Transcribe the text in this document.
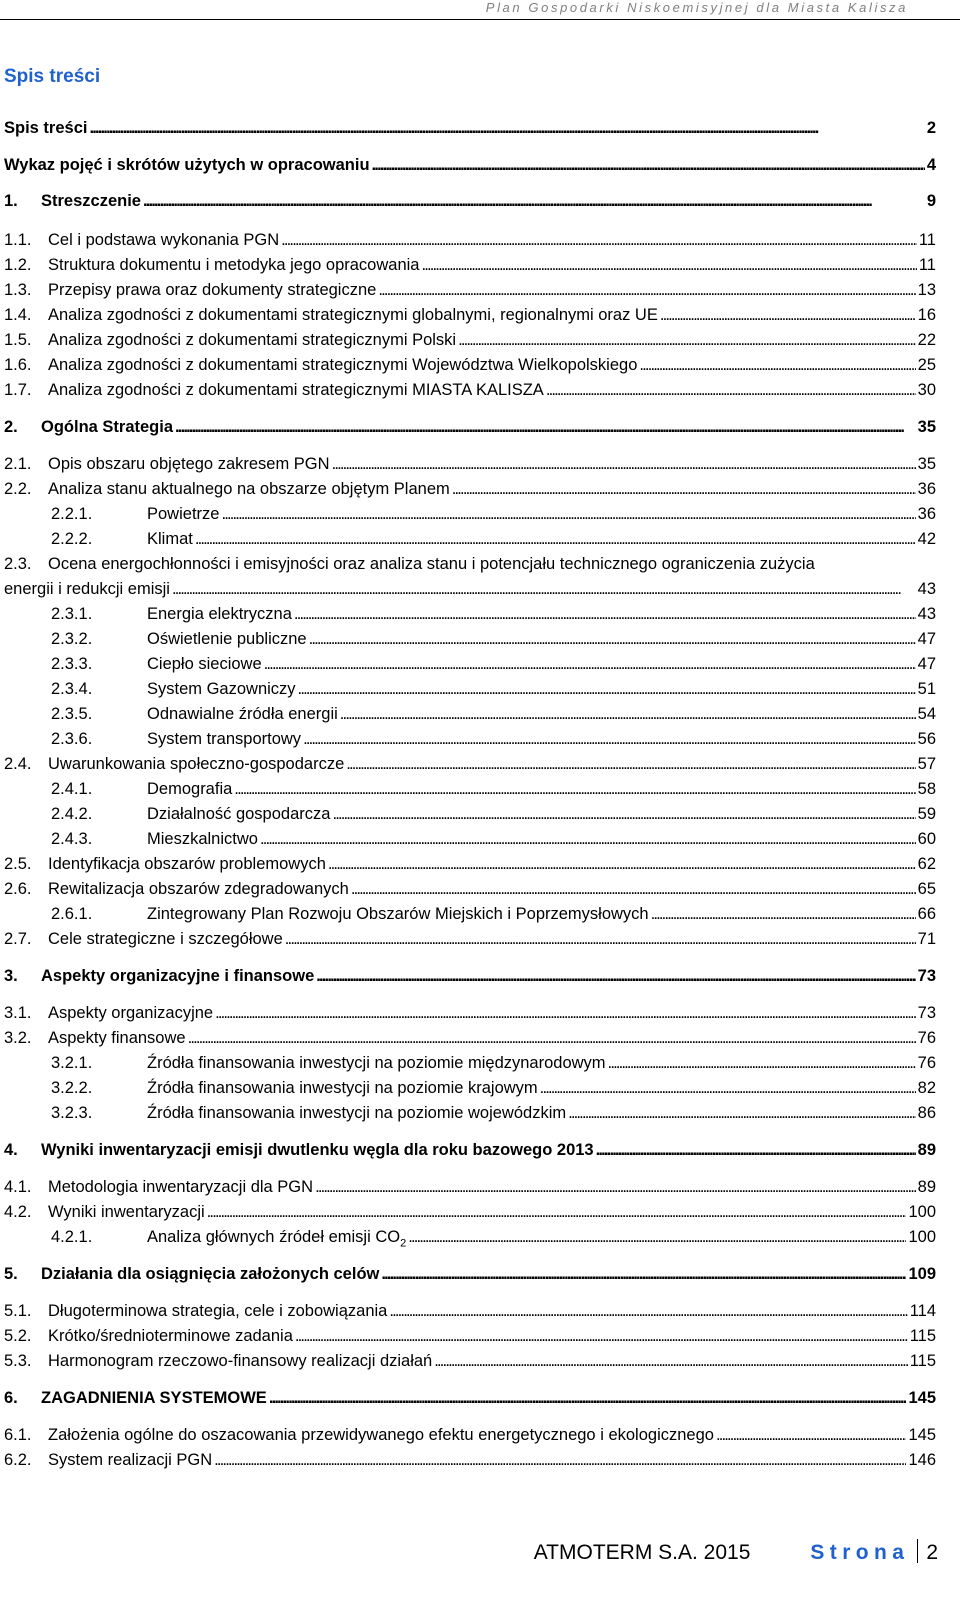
Plan Gospodarki Niskoemisyjnej dla Miasta Kalisza
Spis treści
Spis treści . . .	2
Wykaz pojęć i skrótów użytych w opracowaniu . . .	4
1.	Streszczenie . . .	9
1.1. Cel i podstawa wykonania PGN . . .	11
1.2. Struktura dokumentu i metodyka jego opracowania . . .	11
1.3. Przepisy prawa oraz dokumenty strategiczne . . .	13
1.4. Analiza zgodności z dokumentami strategicznymi globalnymi, regionalnymi oraz UE . . .	16
1.5. Analiza zgodności z dokumentami strategicznymi Polski . . .	22
1.6. Analiza zgodności z dokumentami strategicznymi Województwa Wielkopolskiego . . .	25
1.7. Analiza zgodności z dokumentami strategicznymi MIASTA KALISZA . . .	30
2.	Ogólna Strategia . . .	35
2.1. Opis obszaru objętego zakresem PGN . . .	35
2.2. Analiza stanu aktualnego na obszarze objętym Planem . . .	36
2.2.1.	Powietrze . . .	36
2.2.2.	Klimat . . .	42
2.3. Ocena energochłonności i emisyjności oraz analiza stanu i potencjału technicznego ograniczenia zużycia
energii i redukcji emisji . . .	43
2.3.1.	Energia elektryczna . . .	43
2.3.2.	Oświetlenie publiczne . . .	47
2.3.3.	Ciepło sieciowe . . .	47
2.3.4.	System Gazowniczy . . .	51
2.3.5.	Odnawialne źródła energii . . .	54
2.3.6.	System transportowy . . .	56
2.4. Uwarunkowania społeczno-gospodarcze . . .	57
2.4.1.	Demografia . . .	58
2.4.2.	Działalność gospodarcza . . .	59
2.4.3.	Mieszkalnictwo . . .	60
2.5. Identyfikacja obszarów problemowych . . .	62
2.6. Rewitalizacja obszarów zdegradowanych . . .	65
2.6.1.	Zintegrowany Plan Rozwoju Obszarów Miejskich i Poprzemysłowych . . .	66
2.7. Cele strategiczne i szczegółowe . . .	71
3.	Aspekty organizacyjne i finansowe . . .	73
3.1. Aspekty organizacyjne . . .	73
3.2. Aspekty finansowe . . .	76
3.2.1.	Źródła finansowania inwestycji na poziomie międzynarodowym . . .	76
3.2.2.	Źródła finansowania inwestycji na poziomie krajowym . . .	82
3.2.3.	Źródła finansowania inwestycji na poziomie wojewódzkim . . .	86
4.	Wyniki inwentaryzacji emisji dwutlenku węgla dla roku bazowego 2013 . . .	89
4.1. Metodologia inwentaryzacji dla PGN . . .	89
4.2. Wyniki inwentaryzacji . . .	100
4.2.1.	Analiza głównych źródeł emisji $CO_2$ . . .	100
5.	Działania dla osiągnięcia założonych celów . . .	109
5.1. Długoterminowa strategia, cele i zobowiązania . . .	114
5.2. Krótko/średnioterminowe zadania . . .	115
5.3. Harmonogram rzeczowo-finansowy realizacji działań . . .	115
6.	ZAGADNIENIA SYSTEMOWE . . .	145
6.1. Założenia ogólne do oszacowania przewidywanego efektu energetycznego i ekologicznego . . .	145
6.2. System realizacji PGN . . .	146
ATMOTERM S.A. 2015	Strona 2
